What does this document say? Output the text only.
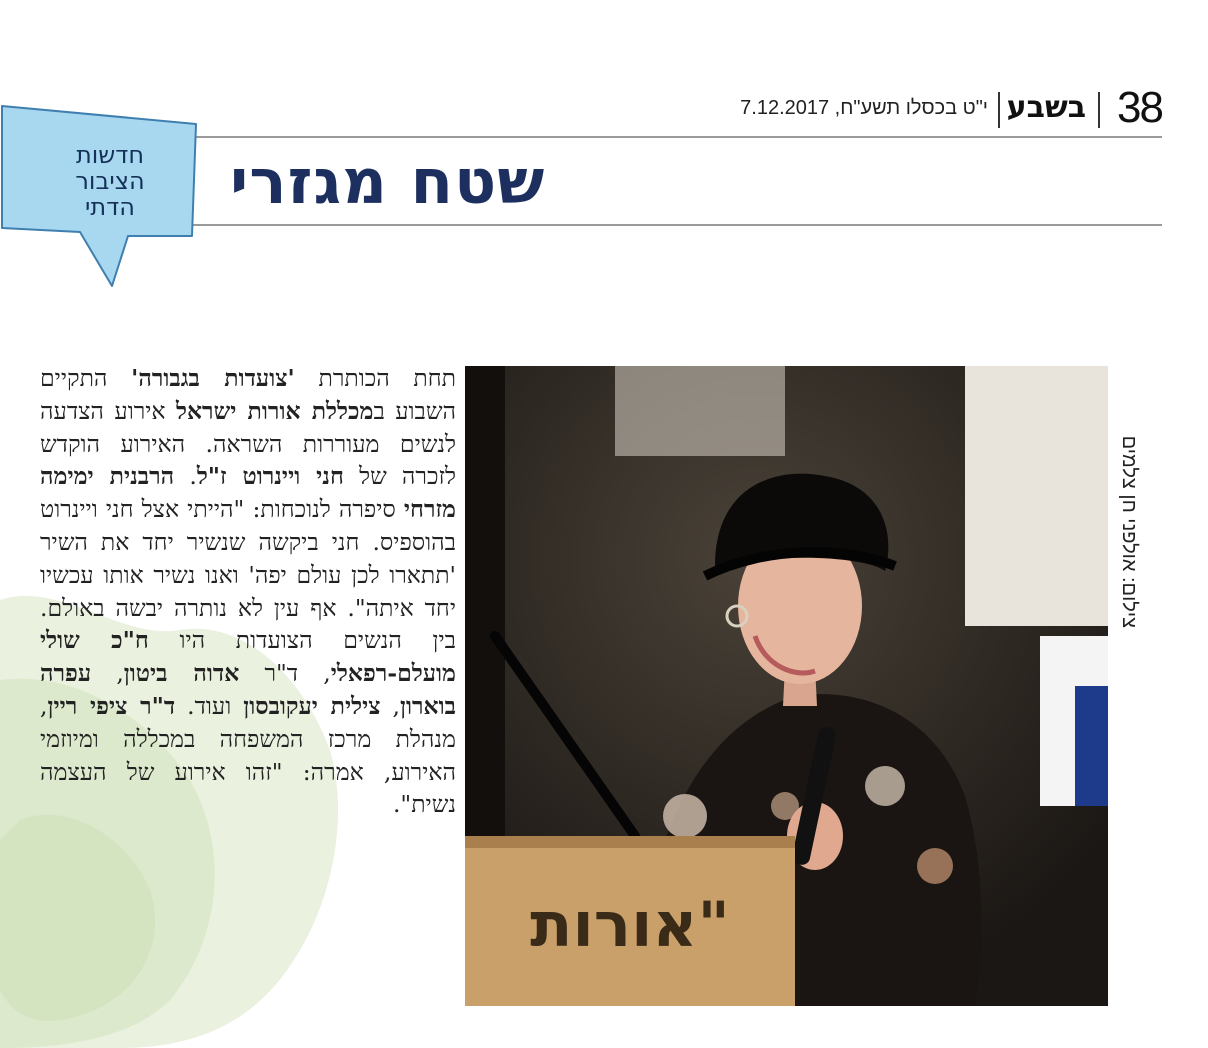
38
בשבע
י"ט בכסלו תשע"ח, 7.12.2017
שטח מגזרי
חדשות
הציבור
הדתי
תחת הכותרת 'צועדות בגבורה' התקיים השבוע במכללת אורות ישראל אירוע הצדעה לנשים מעוררות השראה. האירוע הוקדש לזכרה של חני ויינרוט ז"ל. הרבנית ימימה מזרחי סיפרה לנוכחות: "הייתי אצל חני ויינרוט בהוספיס. חני ביקשה שנשיר יחד את השיר 'תתארו לכן עולם יפה' ואנו נשיר אותו עכשיו יחד איתה". אף עין לא נותרה יבשה באולם. בין הנשים הצועדות היו ח"כ שולי מועלם-רפאלי, ד"ר אדוה ביטון, עפרה בוארון, צילית יעקובסון ועוד. ד"ר ציפי ריין, מנהלת מרכז המשפחה במכללה ומיוזמי האירוע, אמרה: "זהו אירוע של העצמה נשית".
"אורות
צילום: אולפני חן צלמים
